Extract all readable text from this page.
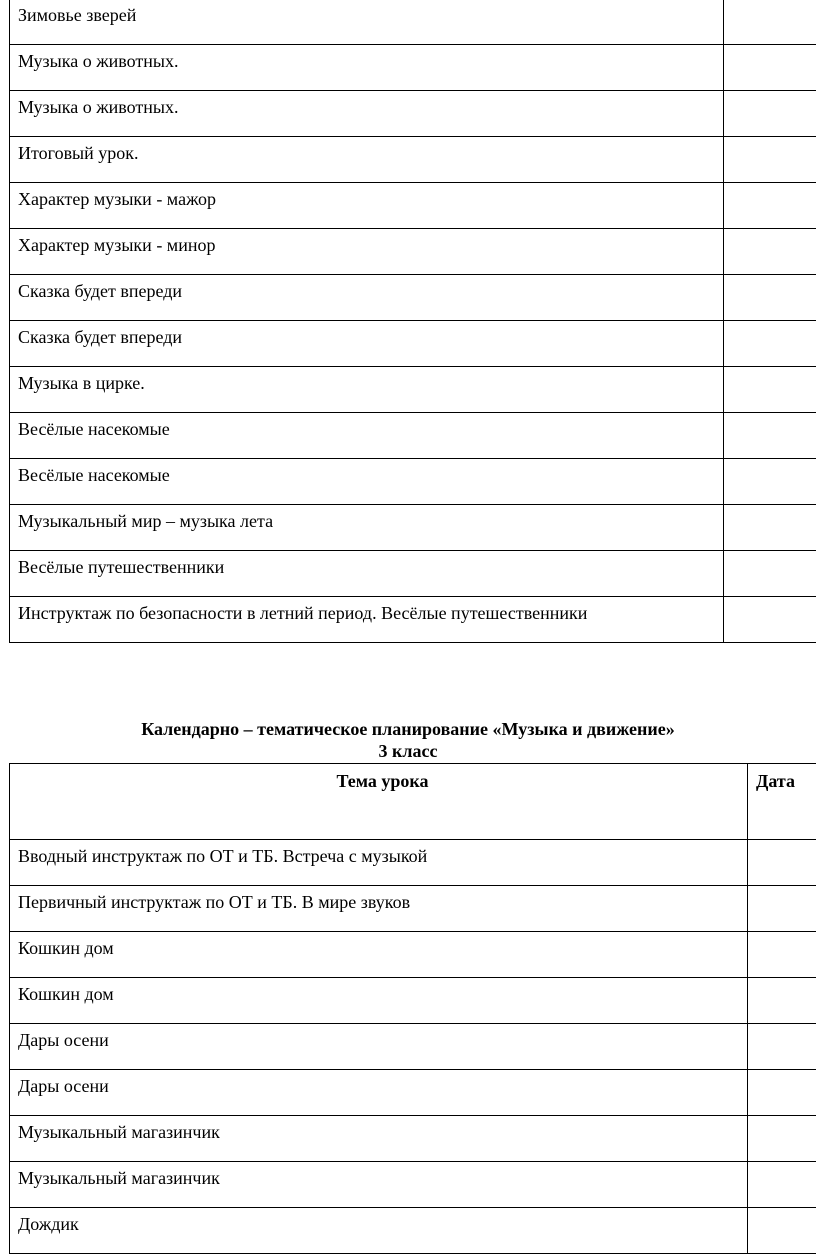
Зимовье зверей	
Музыка о животных.	
Музыка о животных.	
Итоговый урок.	
Характер музыки - мажор	
Характер музыки - минор	
Сказка будет впереди	
Сказка будет впереди	
Музыка в цирке.	
Весёлые насекомые	
Весёлые насекомые	
Музыкальный мир – музыка лета	
Весёлые путешественники	
Инструктаж по безопасности в летний период. Весёлые путешественники	
Календарно – тематическое планирование «Музыка и движение»
3 класс
Тема урока	Дата
Вводный инструктаж по ОТ и ТБ. Встреча с музыкой	
Первичный инструктаж по ОТ и ТБ. В мире звуков	
Кошкин дом	
Кошкин дом	
Дары осени	
Дары осени	
Музыкальный магазинчик	
Музыкальный магазинчик	
Дождик	
